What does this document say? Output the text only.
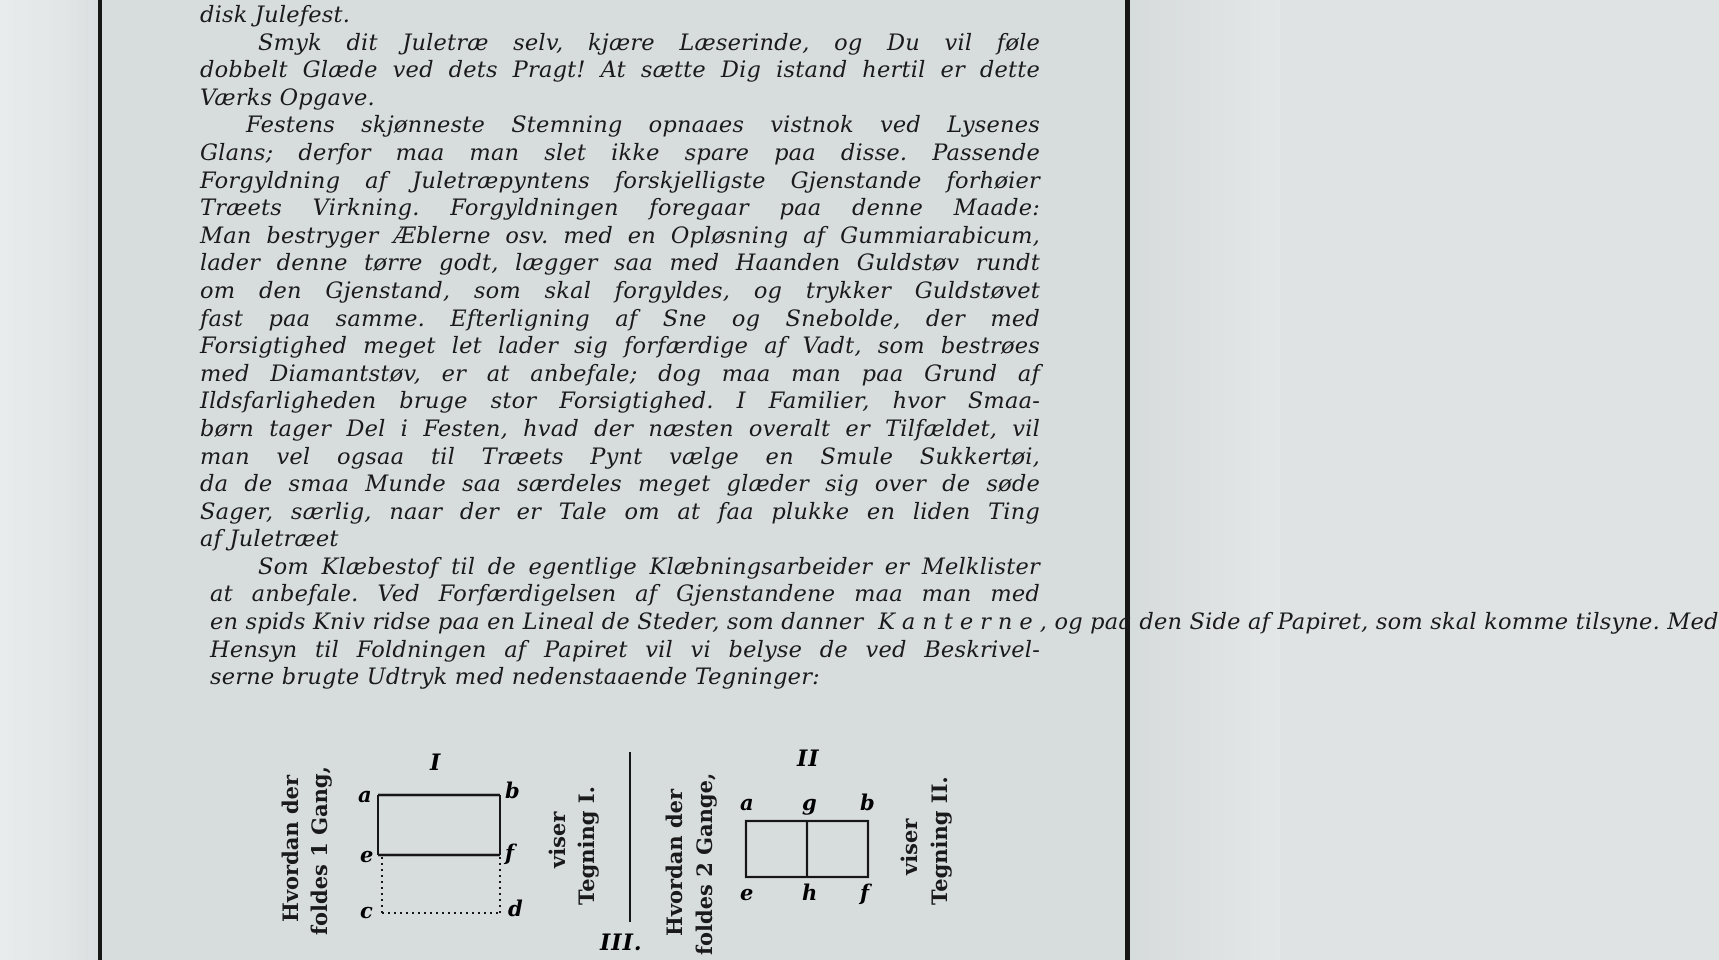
disk Julefest.
Smyk dit Juletræ selv, kjære Læserinde, og Du vil føle
dobbelt Glæde ved dets Pragt! At sætte Dig istand hertil er dette
Værks Opgave.
Festens skjønneste Stemning opnaaes vistnok ved Lysenes
Glans; derfor maa man slet ikke spare paa disse. Passende
Forgyldning af Juletræpyntens forskjelligste Gjenstande forhøier
Træets Virkning. Forgyldningen foregaar paa denne Maade:
Man bestryger Æblerne osv. med en Opløsning af Gummiarabicum,
lader denne tørre godt, lægger saa med Haanden Guldstøv rundt
om den Gjenstand, som skal forgyldes, og trykker Guldstøvet
fast paa samme. Efterligning af Sne og Snebolde, der med
Forsigtighed meget let lader sig forfærdige af Vadt, som bestrøes
med Diamantstøv, er at anbefale; dog maa man paa Grund af
Ildsfarligheden bruge stor Forsigtighed. I Familier, hvor Smaa-
børn tager Del i Festen, hvad der næsten overalt er Tilfældet, vil
man vel ogsaa til Træets Pynt vælge en Smule Sukkertøi,
da de smaa Munde saa særdeles meget glæder sig over de søde
Sager, særlig, naar der er Tale om at faa plukke en liden Ting
af Juletræet
Som Klæbestof til de egentlige Klæbningsarbeider er Melklister
at anbefale. Ved Forfærdigelsen af Gjenstandene maa man med
en spids Kniv ridse paa en Lineal de Steder, som danner Kanterne, og paa den Side af Papiret, som skal komme tilsyne. Med
Hensyn til Foldningen af Papiret vil vi belyse de ved Beskrivel-
serne brugte Udtryk med nedenstaaende Tegninger:
Hvordan der foldes 1 Gang,
I
a	b
e	f
c	d
viser Tegning I.	Hvordan der foldes 2 Gange,
II
a g b
e h f
viser Tegning II.
III.
